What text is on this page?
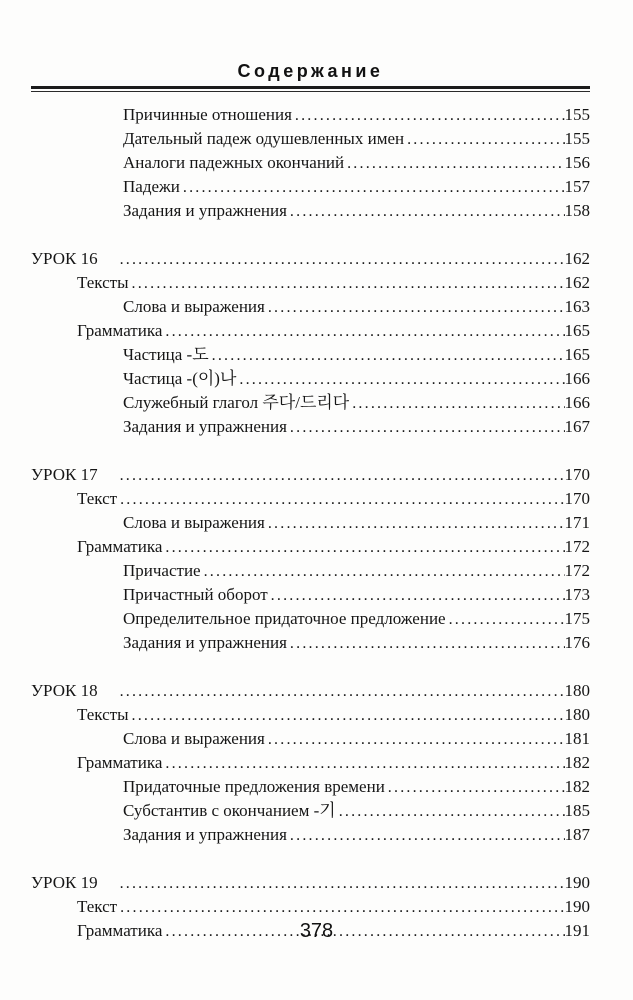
Содержание
Причинные отношения .....	155
Дательный падеж одушевленных имен .....	155
Аналоги падежных окончаний .....	156
Падежи .....	157
Задания и упражнения .....	158
УРОК 16 .....	162
Тексты .....	162
Слова и выражения .....	163
Грамматика .....	165
Частица -도 .....	165
Частица -(이)나 .....	166
Служебный глагол 주다/드리다 .....	166
Задания и упражнения .....	167
УРОК 17 .....	170
Текст .....	170
Слова и выражения .....	171
Грамматика .....	172
Причастие .....	172
Причастный оборот .....	173
Определительное придаточное предложение .....	175
Задания и упражнения .....	176
УРОК 18 .....	180
Тексты .....	180
Слова и выражения .....	181
Грамматика .....	182
Придаточные предложения времени .....	182
Субстантив с окончанием -기 .....	185
Задания и упражнения .....	187
УРОК 19 .....	190
Текст .....	190
Грамматика .....	191
378
